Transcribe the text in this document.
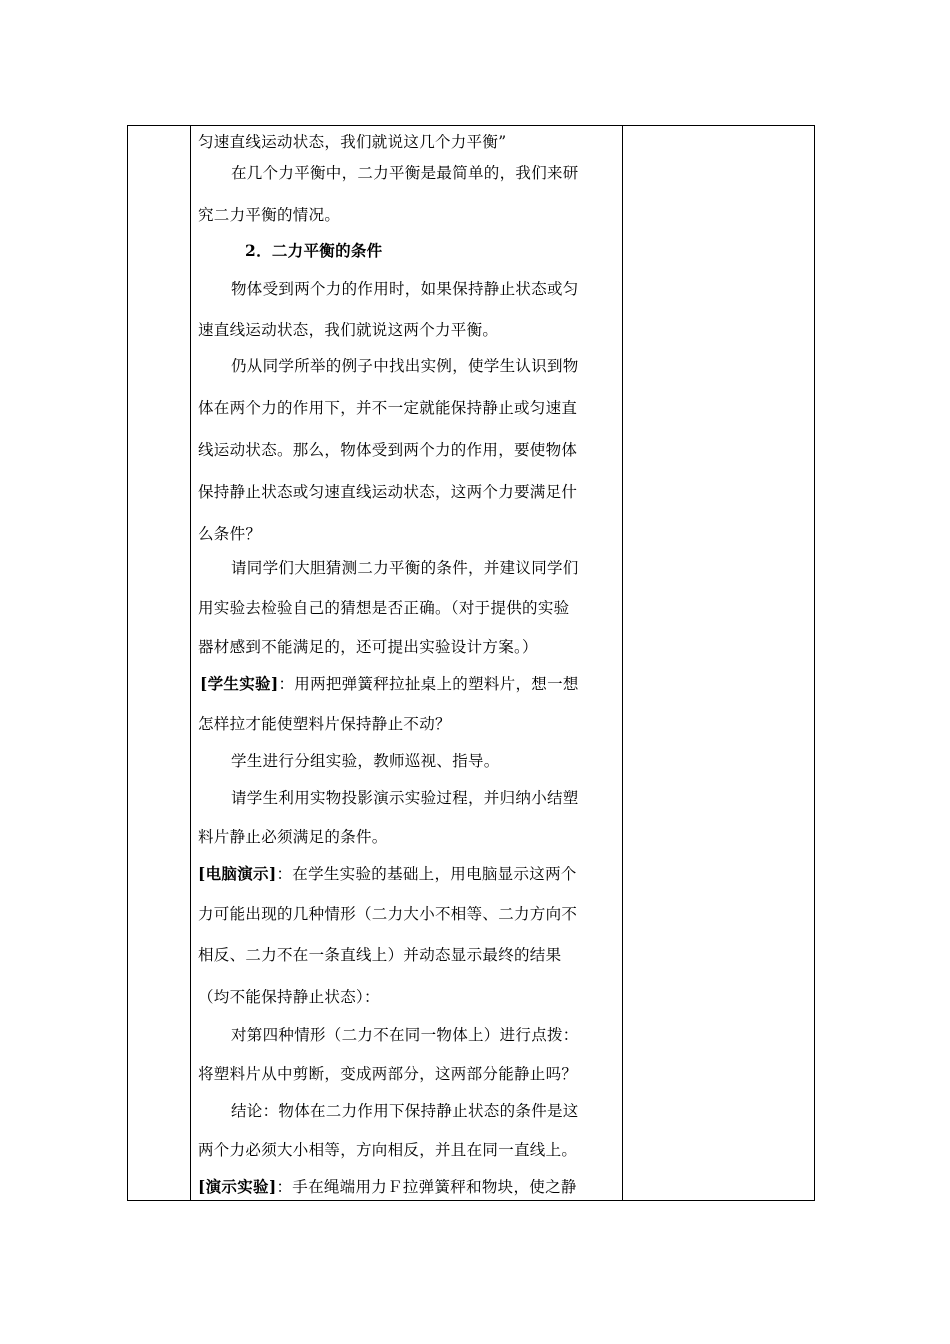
匀速直线运动状态，我们就说这几个力平衡”
在几个力平衡中，二力平衡是最简单的，我们来研
究二力平衡的情况。
2．二力平衡的条件
物体受到两个力的作用时，如果保持静止状态或匀
速直线运动状态，我们就说这两个力平衡。
仍从同学所举的例子中找出实例，使学生认识到物
体在两个力的作用下，并不一定就能保持静止或匀速直
线运动状态。那么，物体受到两个力的作用，要使物体
保持静止状态或匀速直线运动状态，这两个力要满足什
么条件？
请同学们大胆猜测二力平衡的条件，并建议同学们
用实验去检验自己的猜想是否正确。（对于提供的实验
器材感到不能满足的，还可提出实验设计方案。）
[学生实验]：用两把弹簧秤拉扯桌上的塑料片，想一想
怎样拉才能使塑料片保持静止不动？
学生进行分组实验，教师巡视、指导。
请学生利用实物投影演示实验过程，并归纳小结塑
料片静止必须满足的条件。
[电脑演示]：在学生实验的基础上，用电脑显示这两个
力可能出现的几种情形（二力大小不相等、二力方向不
相反、二力不在一条直线上）并动态显示最终的结果
（均不能保持静止状态）：
对第四种情形（二力不在同一物体上）进行点拨：
将塑料片从中剪断，变成两部分，这两部分能静止吗？
结论：物体在二力作用下保持静止状态的条件是这
两个力必须大小相等，方向相反，并且在同一直线上。
[演示实验]：手在绳端用力Ｆ拉弹簧秤和物块，使之静
